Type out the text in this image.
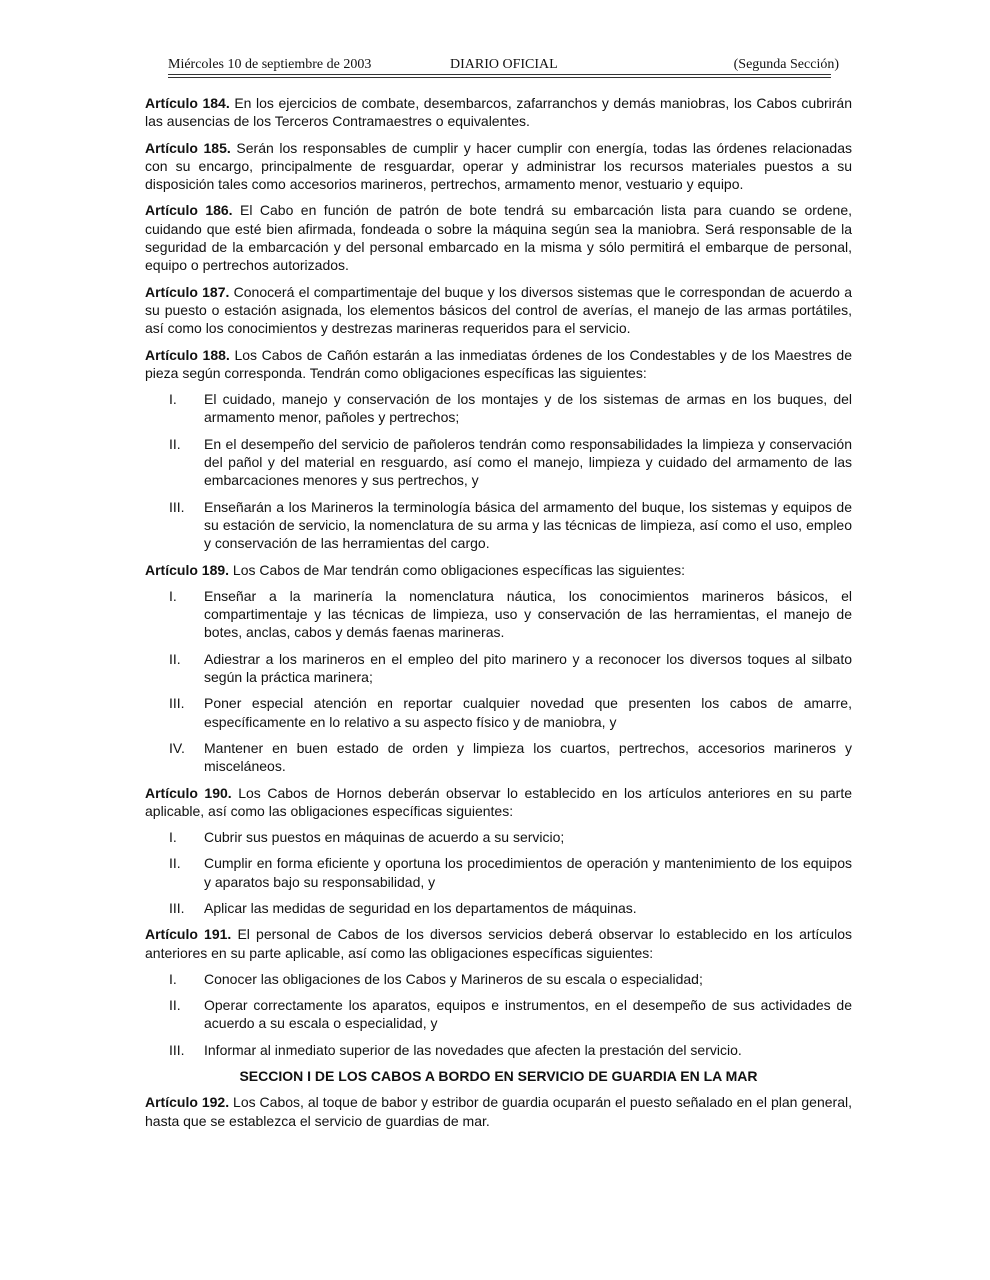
Miércoles 10 de septiembre de 2003	DIARIO OFICIAL	(Segunda Sección)

Artículo 184. En los ejercicios de combate, desembarcos, zafarranchos y demás maniobras, los Cabos cubrirán las ausencias de los Terceros Contramaestres o equivalentes.

Artículo 185. Serán los responsables de cumplir y hacer cumplir con energía, todas las órdenes relacionadas con su encargo, principalmente de resguardar, operar y administrar los recursos materiales puestos a su disposición tales como accesorios marineros, pertrechos, armamento menor, vestuario y equipo.

Artículo 186. El Cabo en función de patrón de bote tendrá su embarcación lista para cuando se ordene, cuidando que esté bien afirmada, fondeada o sobre la máquina según sea la maniobra. Será responsable de la seguridad de la embarcación y del personal embarcado en la misma y sólo permitirá el embarque de personal, equipo o pertrechos autorizados.

Artículo 187. Conocerá el compartimentaje del buque y los diversos sistemas que le correspondan de acuerdo a su puesto o estación asignada, los elementos básicos del control de averías, el manejo de las armas portátiles, así como los conocimientos y destrezas marineras requeridos para el servicio.

Artículo 188. Los Cabos de Cañón estarán a las inmediatas órdenes de los Condestables y de los Maestres de pieza según corresponda. Tendrán como obligaciones específicas las siguientes:

I.	El cuidado, manejo y conservación de los montajes y de los sistemas de armas en los buques, del armamento menor, pañoles y pertrechos;
II.	En el desempeño del servicio de pañoleros tendrán como responsabilidades la limpieza y conservación del pañol y del material en resguardo, así como el manejo, limpieza y cuidado del armamento de las embarcaciones menores y sus pertrechos, y
III.	Enseñarán a los Marineros la terminología básica del armamento del buque, los sistemas y equipos de su estación de servicio, la nomenclatura de su arma y las técnicas de limpieza, así como el uso, empleo y conservación de las herramientas del cargo.

Artículo 189. Los Cabos de Mar tendrán como obligaciones específicas las siguientes:

I.	Enseñar a la marinería la nomenclatura náutica, los conocimientos marineros básicos, el compartimentaje y las técnicas de limpieza, uso y conservación de las herramientas, el manejo de botes, anclas, cabos y demás faenas marineras.
II.	Adiestrar a los marineros en el empleo del pito marinero y a reconocer los diversos toques al silbato según la práctica marinera;
III.	Poner especial atención en reportar cualquier novedad que presenten los cabos de amarre, específicamente en lo relativo a su aspecto físico y de maniobra, y
IV.	Mantener en buen estado de orden y limpieza los cuartos, pertrechos, accesorios marineros y misceláneos.

Artículo 190. Los Cabos de Hornos deberán observar lo establecido en los artículos anteriores en su parte aplicable, así como las obligaciones específicas siguientes:

I.	Cubrir sus puestos en máquinas de acuerdo a su servicio;
II.	Cumplir en forma eficiente y oportuna los procedimientos de operación y mantenimiento de los equipos y aparatos bajo su responsabilidad, y
III.	Aplicar las medidas de seguridad en los departamentos de máquinas.

Artículo 191. El personal de Cabos de los diversos servicios deberá observar lo establecido en los artículos anteriores en su parte aplicable, así como las obligaciones específicas siguientes:

I.	Conocer las obligaciones de los Cabos y Marineros de su escala o especialidad;
II.	Operar correctamente los aparatos, equipos e instrumentos, en el desempeño de sus actividades de acuerdo a su escala o especialidad, y
III.	Informar al inmediato superior de las novedades que afecten la prestación del servicio.
SECCION I DE LOS CABOS A BORDO EN SERVICIO DE GUARDIA EN LA MAR

Artículo 192. Los Cabos, al toque de babor y estribor de guardia ocuparán el puesto señalado en el plan general, hasta que se establezca el servicio de guardias de mar.
